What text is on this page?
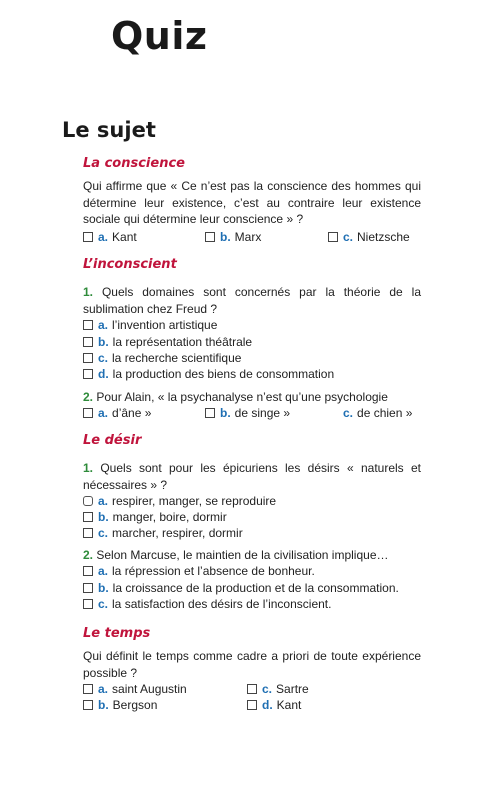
Quiz
Le sujet
La conscience
Qui affirme que « Ce n’est pas la conscience des hommes qui détermine leur existence, c’est au contraire leur existence sociale qui détermine leur conscience » ?
a. Kant	b. Marx	c. Nietzsche
L’inconscient
1. Quels domaines sont concernés par la théorie de la sublimation chez Freud ?
a. l’invention artistique
b. la représentation théâtrale
c. la recherche scientifique
d. la production des biens de consommation
2. Pour Alain, « la psychanalyse n’est qu’une psychologie
a. d’âne »	b. de singe »	c. de chien »
Le désir
1. Quels sont pour les épicuriens les désirs « naturels et nécessaires » ?
a. respirer, manger, se reproduire
b. manger, boire, dormir
c. marcher, respirer, dormir
2. Selon Marcuse, le maintien de la civilisation implique…
a. la répression et l’absence de bonheur.
b. la croissance de la production et de la consommation.
c. la satisfaction des désirs de l’inconscient.
Le temps
Qui définit le temps comme cadre a priori de toute expérience possible ?
a. saint Augustin
b. Bergson
c. Sartre
d. Kant
